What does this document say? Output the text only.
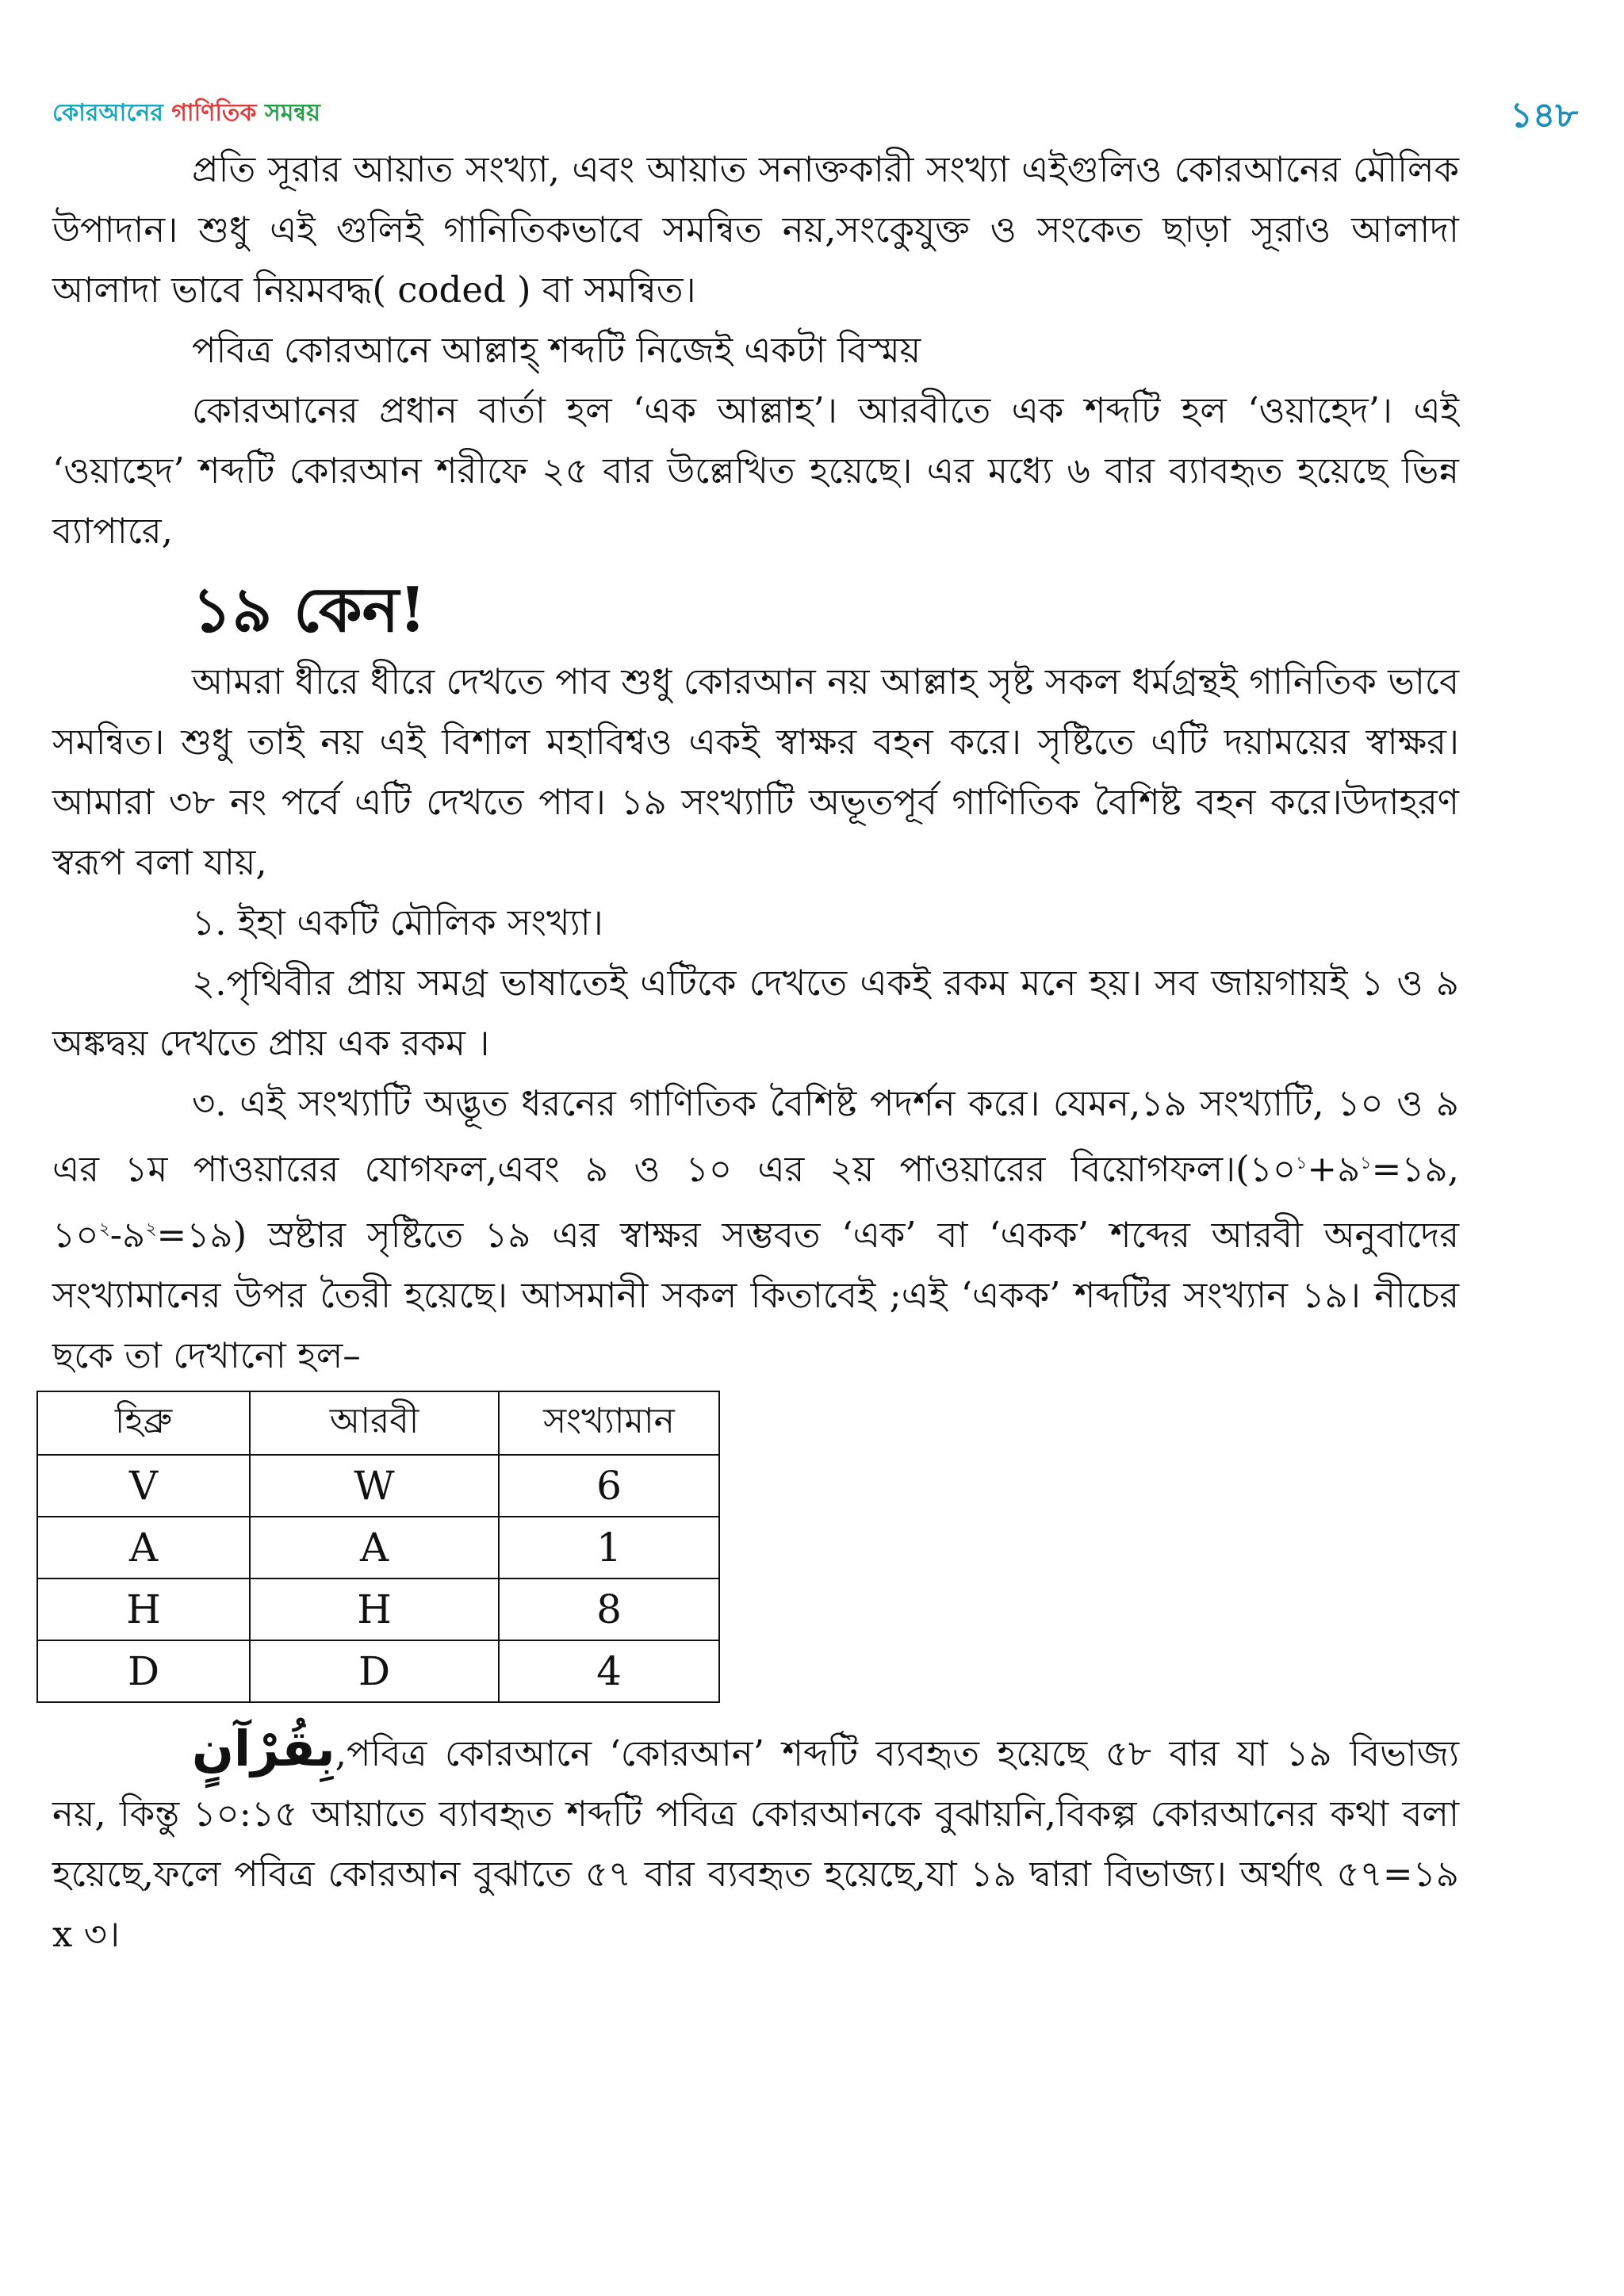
কোরআনের গাণিতিক সমন্বয়	১৪৮

প্রতি সূরার আয়াত সংখ্যা, এবং আয়াত সনাক্তকারী সংখ্যা এইগুলিও কোরআনের মৌলিক উপাদান। শুধু এই গুলিই গানিতিকভাবে সমন্বিত নয়,সংকেুযুক্ত ও সংকেত ছাড়া সূরাও আলাদা আলাদা ভাবে নিয়মবদ্ধ( coded ) বা সমন্বিত।

পবিত্র কোরআনে আল্লাহ্ শব্দটি নিজেই একটা বিস্ময়

কোরআনের প্রধান বার্তা হল ‘এক আল্লাহ’। আরবীতে এক শব্দটি হল ‘ওয়াহেদ’। এই ‘ওয়াহেদ’ শব্দটি কোরআন শরীফে ২৫ বার উল্লেখিত হয়েছে। এর মধ্যে ৬ বার ব্যাবহৃত হয়েছে ভিন্ন ব্যাপারে,

১৯ কেন!

আমরা ধীরে ধীরে দেখতে পাব শুধু কোরআন নয় আল্লাহ সৃষ্ট সকল ধর্মগ্রন্থই গানিতিক ভাবে সমন্বিত। শুধু তাই নয় এই বিশাল মহাবিশ্বও একই স্বাক্ষর বহন করে। সৃষ্টিতে এটি দয়াময়ের স্বাক্ষর। আমারা ৩৮ নং পর্বে এটি দেখতে পাব। ১৯ সংখ্যাটি অভূতপূর্ব গাণিতিক বৈশিষ্ট বহন করে।উদাহরণ স্বরূপ বলা যায়,

১. ইহা একটি মৌলিক সংখ্যা।

২.পৃথিবীর প্রায় সমগ্র ভাষাতেই এটিকে দেখতে একই রকম মনে হয়। সব জায়গায়ই ১ ও ৯ অঙ্কদ্বয় দেখতে প্রায় এক রকম ।

৩. এই সংখ্যাটি অদ্ভূত ধরনের গাণিতিক বৈশিষ্ট পদর্শন করে। যেমন,১৯ সংখ্যাটি, ১০ ও ৯ এর ১ম পাওয়ারের যোগফল,এবং ৯ ও ১০ এর ২য় পাওয়ারের $বিয়োগফল।(১০^১+৯^১=১৯$, $১০^২-৯^২=১৯$) স্রষ্টার সৃষ্টিতে ১৯ এর স্বাক্ষর সম্ভবত ‘এক’ বা ‘একক’ শব্দের আরবী অনুবাদের সংখ্যামানের উপর তৈরী হয়েছে। আসমানী সকল কিতাবেই ;এই ‘একক’ শব্দটির সংখ্যান ১৯। নীচের ছকে তা দেখানো হল–

হিব্রু	আরবী	সংখ্যামান
V	W	6
A	A	1
H	H	8
D	D	4

بِقُرْآنٍ,পবিত্র কোরআনে ‘কোরআন’ শব্দটি ব্যবহৃত হয়েছে ৫৮ বার যা ১৯ বিভাজ্য নয়, কিন্তু ১০:১৫ আয়াতে ব্যাবহৃত শব্দটি পবিত্র কোরআনকে বুঝায়নি,বিকল্প কোরআনের কথা বলা হয়েছে,ফলে পবিত্র কোরআন বুঝাতে ৫৭ বার ব্যবহৃত হয়েছে,যা ১৯ দ্বারা বিভাজ্য। অর্থাৎ ৫৭=১৯ x ৩।
